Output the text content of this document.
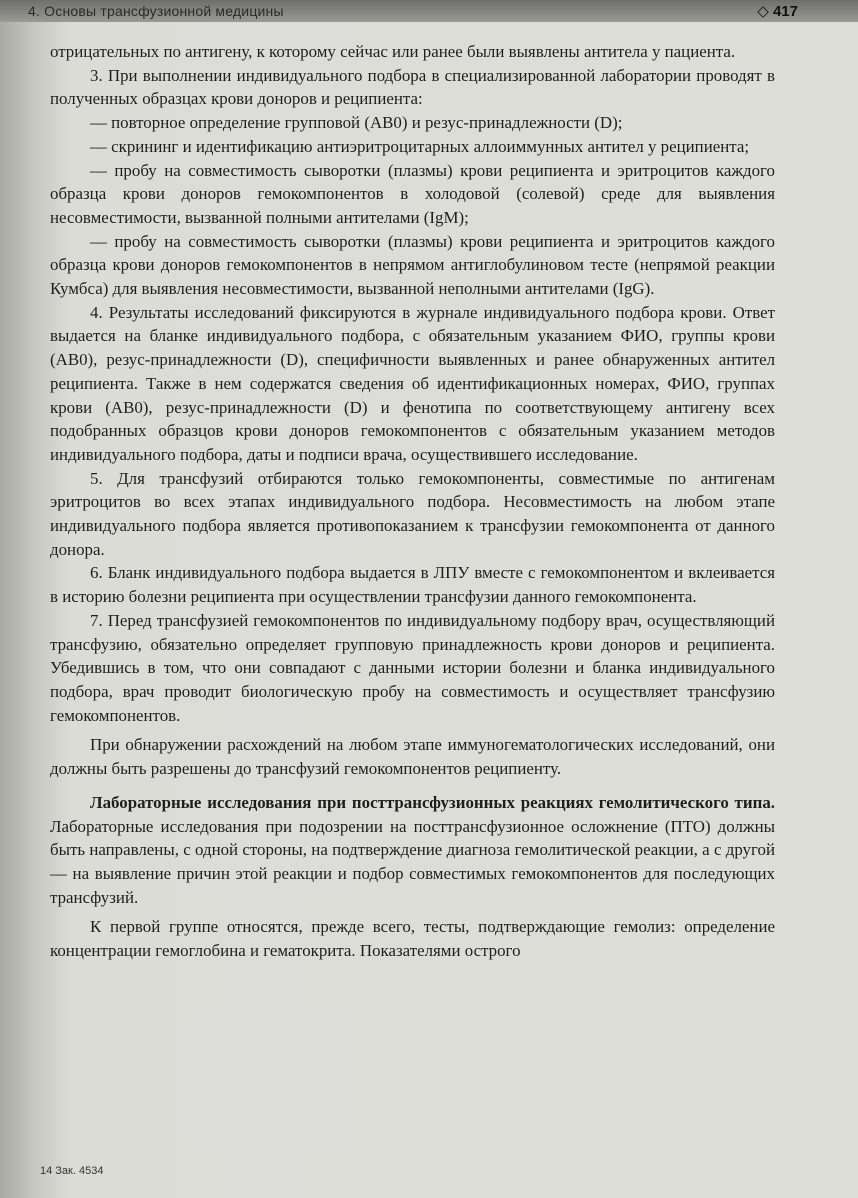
4. Основы трансфузионной медицины	◇ 417

отрицательных по антигену, к которому сейчас или ранее были выявлены антитела у пациента.

3. При выполнении индивидуального подбора в специализированной лаборатории проводят в полученных образцах крови доноров и реципиента:

— повторное определение групповой (АВ0) и резус-принадлежности (D);

— скрининг и идентификацию антиэритроцитарных аллоиммунных антител у реципиента;

— пробу на совместимость сыворотки (плазмы) крови реципиента и эритроцитов каждого образца крови доноров гемокомпонентов в холодовой (солевой) среде для выявления несовместимости, вызванной полными антителами (IgM);

— пробу на совместимость сыворотки (плазмы) крови реципиента и эритроцитов каждого образца крови доноров гемокомпонентов в непрямом антиглобулиновом тесте (непрямой реакции Кумбса) для выявления несовместимости, вызванной неполными антителами (IgG).

4. Результаты исследований фиксируются в журнале индивидуального подбора крови. Ответ выдается на бланке индивидуального подбора, с обязательным указанием ФИО, группы крови (АВ0), резус-принадлежности (D), специфичности выявленных и ранее обнаруженных антител реципиента. Также в нем содержатся сведения об идентификационных номерах, ФИО, группах крови (АВ0), резус-принадлежности (D) и фенотипа по соответствующему антигену всех подобранных образцов крови доноров гемокомпонентов с обязательным указанием методов индивидуального подбора, даты и подписи врача, осуществившего исследование.

5. Для трансфузий отбираются только гемокомпоненты, совместимые по антигенам эритроцитов во всех этапах индивидуального подбора. Несовместимость на любом этапе индивидуального подбора является противопоказанием к трансфузии гемокомпонента от данного донора.

6. Бланк индивидуального подбора выдается в ЛПУ вместе с гемокомпонентом и вклеивается в историю болезни реципиента при осуществлении трансфузии данного гемокомпонента.

7. Перед трансфузией гемокомпонентов по индивидуальному подбору врач, осуществляющий трансфузию, обязательно определяет групповую принадлежность крови доноров и реципиента. Убедившись в том, что они совпадают с данными истории болезни и бланка индивидуального подбора, врач проводит биологическую пробу на совместимость и осуществляет трансфузию гемокомпонентов.

При обнаружении расхождений на любом этапе иммуногематологических исследований, они должны быть разрешены до трансфузий гемокомпонентов реципиенту.

Лабораторные исследования при посттрансфузионных реакциях гемолитического типа. Лабораторные исследования при подозрении на посттрансфузионное осложнение (ПТО) должны быть направлены, с одной стороны, на подтверждение диагноза гемолитической реакции, а с другой — на выявление причин этой реакции и подбор совместимых гемокомпонентов для последующих трансфузий.

К первой группе относятся, прежде всего, тесты, подтверждающие гемолиз: определение концентрации гемоглобина и гематокрита. Показателями острого

14 Зак. 4534
